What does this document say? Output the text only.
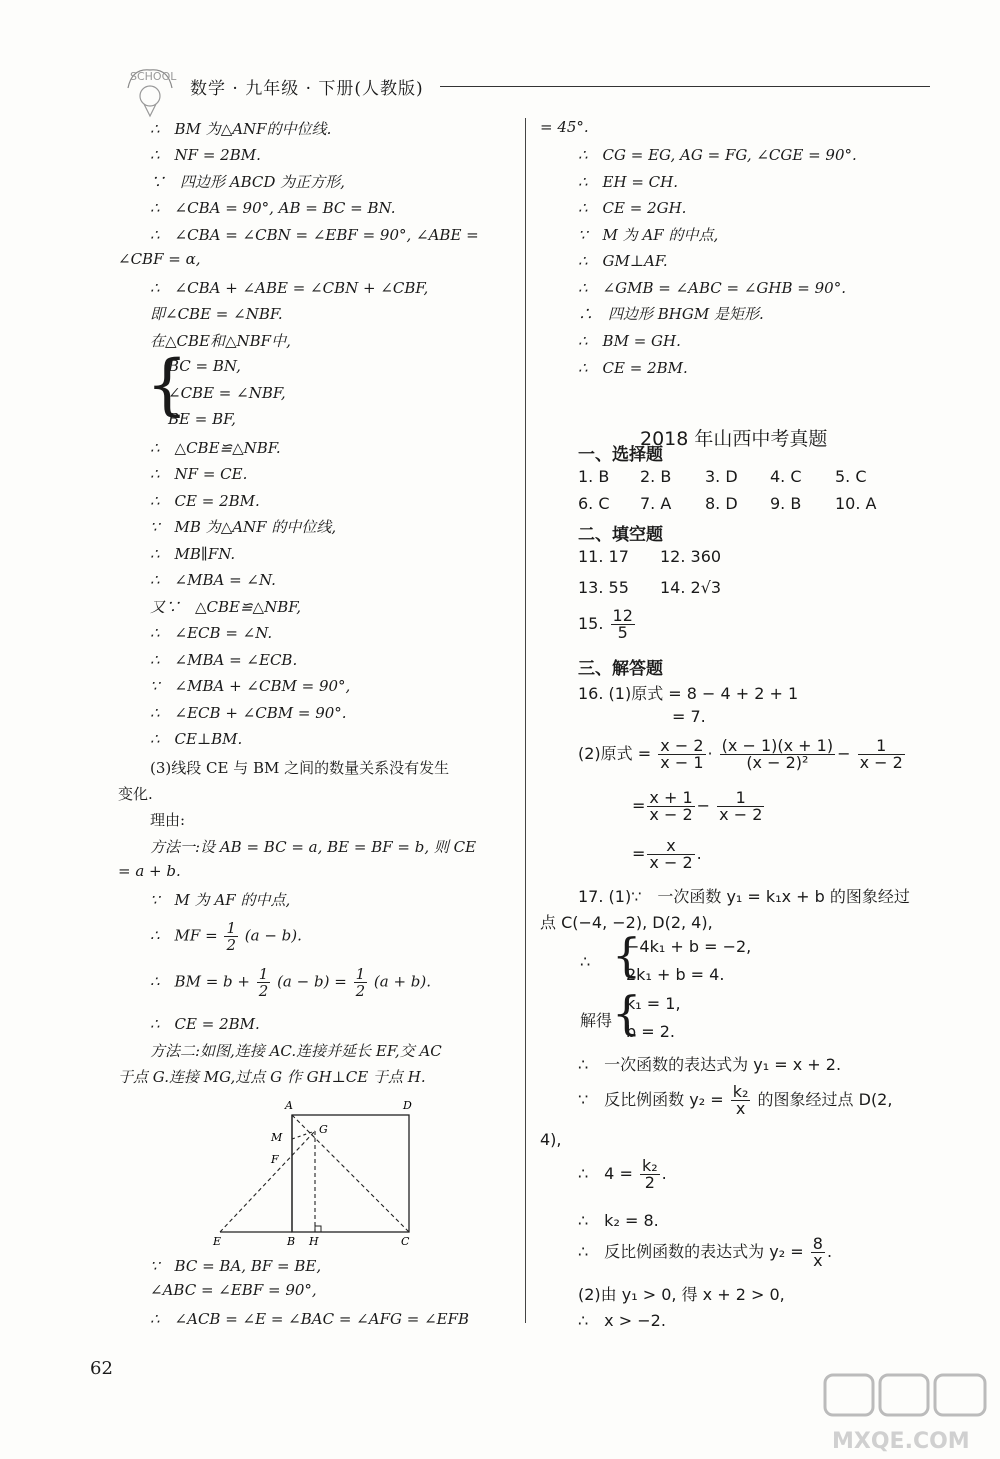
SCHOOL
数学 · 九年级 · 下册(人教版)
∴　BM 为△ANF的中位线.
∴　NF = 2BM.
∵　四边形 ABCD 为正方形,
∴　∠CBA = 90°, AB = BC = BN.
∴　∠CBA = ∠CBN = ∠EBF = 90°, ∠ABE =
∠CBF = α,
∴　∠CBA + ∠ABE = ∠CBN + ∠CBF,
即∠CBE = ∠NBF.
在△CBE和△NBF中,
{
BC = BN,
∠CBE = ∠NBF,
BE = BF,
∴　△CBE≌△NBF.
∴　NF = CE.
∴　CE = 2BM.
∵　MB 为△ANF 的中位线,
∴　MB∥FN.
∴　∠MBA = ∠N.
又∵　△CBE≌△NBF,
∴　∠ECB = ∠N.
∴　∠MBA = ∠ECB.
∵　∠MBA + ∠CBM = 90°,
∴　∠ECB + ∠CBM = 90°.
∴　CE⊥BM.
(3)线段 CE 与 BM 之间的数量关系没有发生
变化.
理由:
方法一:设 AB = BC = a, BE = BF = b, 则 CE
= a + b.
∵　M 为 AF 的中点,
∴　MF = $\frac{1}{2} (a - b)$.
∴　BM = $b + \frac{1}{2} (a - b) = \frac{1}{2} (a + b)$.
∴　CE = 2BM.
方法二:如图,连接 AC.连接并延长 EF,交 AC
于点 G.连接 MG,过点 G 作 GH⊥CE 于点 H.
A	D
M
G
F
E	B H	C
∵　BC = BA, BF = BE,
∠ABC = ∠EBF = 90°,
∴　∠ACB = ∠E = ∠BAC = ∠AFG = ∠EFB
= 45°.
∴　CG = EG, AG = FG, ∠CGE = 90°.
∴　EH = CH.
∴　CE = 2GH.
∵　M 为 AF 的中点,
∴　GM⊥AF.
∴　∠GMB = ∠ABC = ∠GHB = 90°.
∴　四边形 BHGM 是矩形.
∴　BM = GH.
∴　CE = 2BM.
2018 年山西中考真题
一、选择题
1. B 2. B 3. D 4. C 5. C
6. C 7. A 8. D 9. B 10. A
二、填空题
11. 17 12. 360
13. 55 14. 2√3
15. $\frac{12}{5}$
三、解答题
16. (1)原式 = 8 − 4 + 2 + 1
= 7.
(2)原式 = $\frac{x - 2}{x - 1} \cdot \frac{(x - 1)(x + 1)}{\text{(x − 2)²}} - \frac{1}{x - 2}$
= $\frac{x + 1}{x - 2} - \frac{1}{x - 2}$
= $\frac{x}{x - 2}$ .
17. (1)∵　一次函数 y₁ = k₁x + b 的图象经过
点 C(−4, −2), D(2, 4),
∴ {
−4k₁ + b = −2,
2k₁ + b = 4.
解得 {
k₁ = 1,
b = 2.
∴　一次函数的表达式为 y₁ = x + 2.
∵　反比例函数 $y_2 = \frac{\text{k₂}}{x}$ 的图象经过点 D(2,
4),
∴　$4 = \frac{\text{k₂}}{2}$ .
∴　k₂ = 8.
∴　反比例函数的表达式为 $y_2 = \frac{8}{x}$ .
(2)由 y₁ > 0, 得 x + 2 > 0,
∴　x > −2.
62
MXQE.COM
